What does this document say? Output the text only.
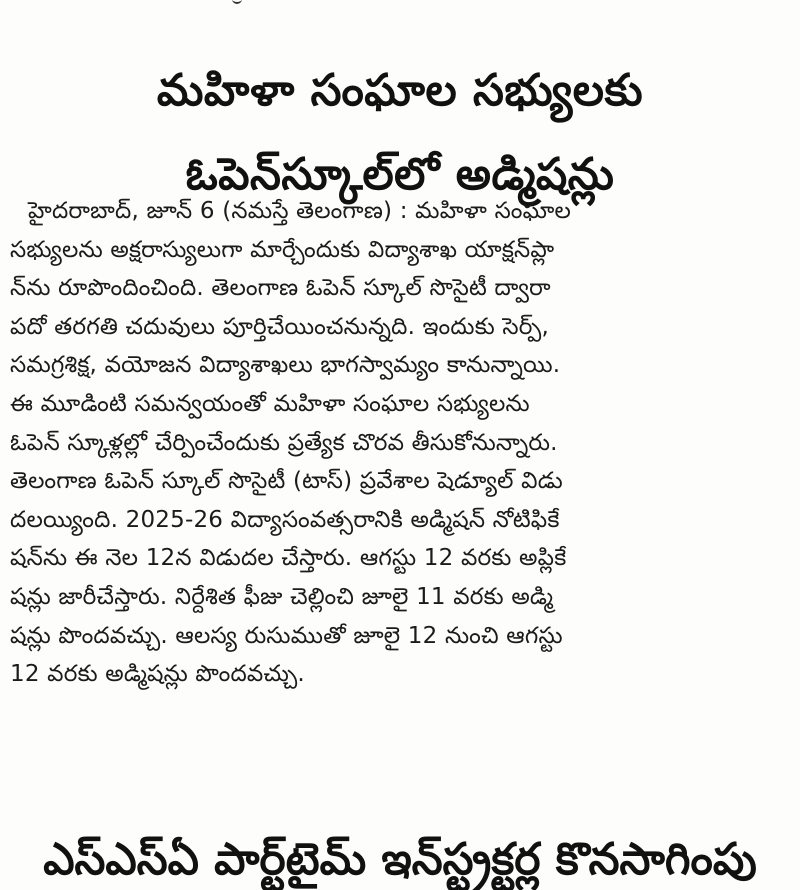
మహిళా సంఘాల సభ్యులకు
ఓపెన్‌స్కూల్‌లో అడ్మిషన్లు
హైదరాబాద్, జూన్ 6 (నమస్తే తెలంగాణ) : మహిళా సంఘాల
సభ్యులను అక్షరాస్యులుగా మార్చేందుకు విద్యాశాఖ యాక్షన్‌ప్లా
న్‌ను రూపొందించింది. తెలంగాణ ఓపెన్ స్కూల్ సొసైటీ ద్వారా
పదో తరగతి చదువులు పూర్తిచేయించనున్నది. ఇందుకు సెర్ప్,
సమగ్రశిక్ష, వయోజన విద్యాశాఖలు భాగస్వామ్యం కానున్నాయి.
ఈ మూడింటి సమన్వయంతో మహిళా సంఘాల సభ్యులను
ఓపెన్ స్కూళ్లల్లో చేర్పించేందుకు ప్రత్యేక చొరవ తీసుకోనున్నారు.
తెలంగాణ ఓపెన్ స్కూల్ సొసైటీ (టాస్) ప్రవేశాల షెడ్యూల్ విడు
దలయ్యింది. 2025-26 విద్యాసంవత్సరానికి అడ్మిషన్ నోటిఫికే
షన్‌ను ఈ నెల 12న విడుదల చేస్తారు. ఆగస్టు 12 వరకు అప్లికే
షన్లు జారీచేస్తారు. నిర్దేశిత ఫీజు చెల్లించి జూలై 11 వరకు అడ్మి
షన్లు పొందవచ్చు. ఆలస్య రుసుముతో జూలై 12 నుంచి ఆగస్టు
12 వరకు అడ్మిషన్లు పొందవచ్చు.
ఎస్‌ఎస్‌ఏ పార్ట్‌టైమ్ ఇన్‌స్ట్రక్టర్ల కొనసాగింపు
